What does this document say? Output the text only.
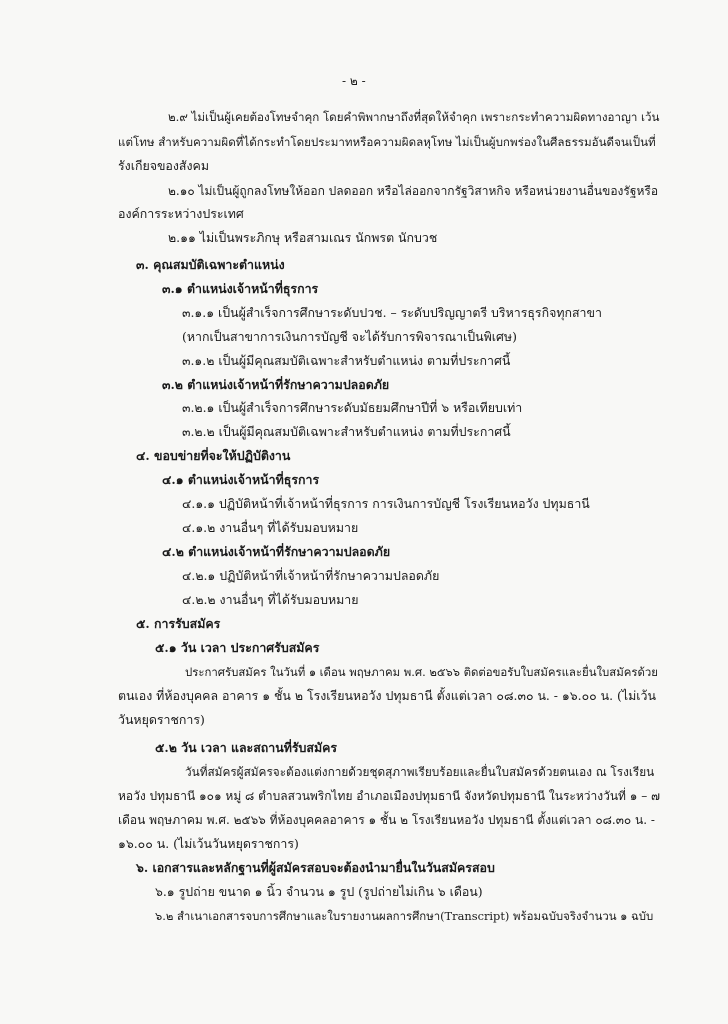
- ๒ -
๒.๙ ไม่เป็นผู้เคยต้องโทษจำคุก โดยคำพิพากษาถึงที่สุดให้จำคุก เพราะกระทำความผิดทางอาญา เว้น
แต่โทษ สำหรับความผิดที่ได้กระทำโดยประมาทหรือความผิดลหุโทษ ไม่เป็นผู้บกพร่องในศีลธรรมอันดีจนเป็นที่
รังเกียจของสังคม
๒.๑๐ ไม่เป็นผู้ถูกลงโทษให้ออก ปลดออก หรือไล่ออกจากรัฐวิสาหกิจ หรือหน่วยงานอื่นของรัฐหรือ
องค์การระหว่างประเทศ
๒.๑๑ ไม่เป็นพระภิกษุ หรือสามเณร นักพรต นักบวช
๓. คุณสมบัติเฉพาะตำแหน่ง
๓.๑ ตำแหน่งเจ้าหน้าที่ธุรการ
๓.๑.๑ เป็นผู้สำเร็จการศึกษาระดับปวช. – ระดับปริญญาตรี บริหารธุรกิจทุกสาขา
(หากเป็นสาขาการเงินการบัญชี จะได้รับการพิจารณาเป็นพิเศษ)
๓.๑.๒ เป็นผู้มีคุณสมบัติเฉพาะสำหรับตำแหน่ง ตามที่ประกาศนี้
๓.๒ ตำแหน่งเจ้าหน้าที่รักษาความปลอดภัย
๓.๒.๑ เป็นผู้สำเร็จการศึกษาระดับมัธยมศึกษาปีที่ ๖ หรือเทียบเท่า
๓.๒.๒ เป็นผู้มีคุณสมบัติเฉพาะสำหรับตำแหน่ง ตามที่ประกาศนี้
๔. ขอบข่ายที่จะให้ปฏิบัติงาน
๔.๑ ตำแหน่งเจ้าหน้าที่ธุรการ
๔.๑.๑ ปฏิบัติหน้าที่เจ้าหน้าที่ธุรการ การเงินการบัญชี โรงเรียนหอวัง ปทุมธานี
๔.๑.๒ งานอื่นๆ ที่ได้รับมอบหมาย
๔.๒ ตำแหน่งเจ้าหน้าที่รักษาความปลอดภัย
๔.๒.๑ ปฏิบัติหน้าที่เจ้าหน้าที่รักษาความปลอดภัย
๔.๒.๒ งานอื่นๆ ที่ได้รับมอบหมาย
๕. การรับสมัคร
๕.๑ วัน เวลา ประกาศรับสมัคร
ประกาศรับสมัคร ในวันที่ ๑ เดือน พฤษภาคม พ.ศ. ๒๕๖๖ ติดต่อขอรับใบสมัครและยื่นใบสมัครด้วย
ตนเอง ที่ห้องบุคคล อาคาร ๑ ชั้น ๒ โรงเรียนหอวัง ปทุมธานี ตั้งแต่เวลา ๐๘.๓๐ น. - ๑๖.๐๐ น. (ไม่เว้น
วันหยุดราชการ)
๕.๒ วัน เวลา และสถานที่รับสมัคร
วันที่สมัครผู้สมัครจะต้องแต่งกายด้วยชุดสุภาพเรียบร้อยและยื่นใบสมัครด้วยตนเอง ณ โรงเรียน
หอวัง ปทุมธานี ๑๐๑ หมู่ ๘ ตำบลสวนพริกไทย อำเภอเมืองปทุมธานี จังหวัดปทุมธานี ในระหว่างวันที่ ๑ – ๗
เดือน พฤษภาคม พ.ศ. ๒๕๖๖ ที่ห้องบุคคลอาคาร ๑ ชั้น ๒ โรงเรียนหอวัง ปทุมธานี ตั้งแต่เวลา ๐๘.๓๐ น. -
๑๖.๐๐ น. (ไม่เว้นวันหยุดราชการ)
๖. เอกสารและหลักฐานที่ผู้สมัครสอบจะต้องนำมายื่นในวันสมัครสอบ
๖.๑ รูปถ่าย ขนาด ๑ นิ้ว จำนวน ๑ รูป (รูปถ่ายไม่เกิน ๖ เดือน)
๖.๒ สำเนาเอกสารจบการศึกษาและใบรายงานผลการศึกษา(Transcript) พร้อมฉบับจริงจำนวน ๑ ฉบับ
